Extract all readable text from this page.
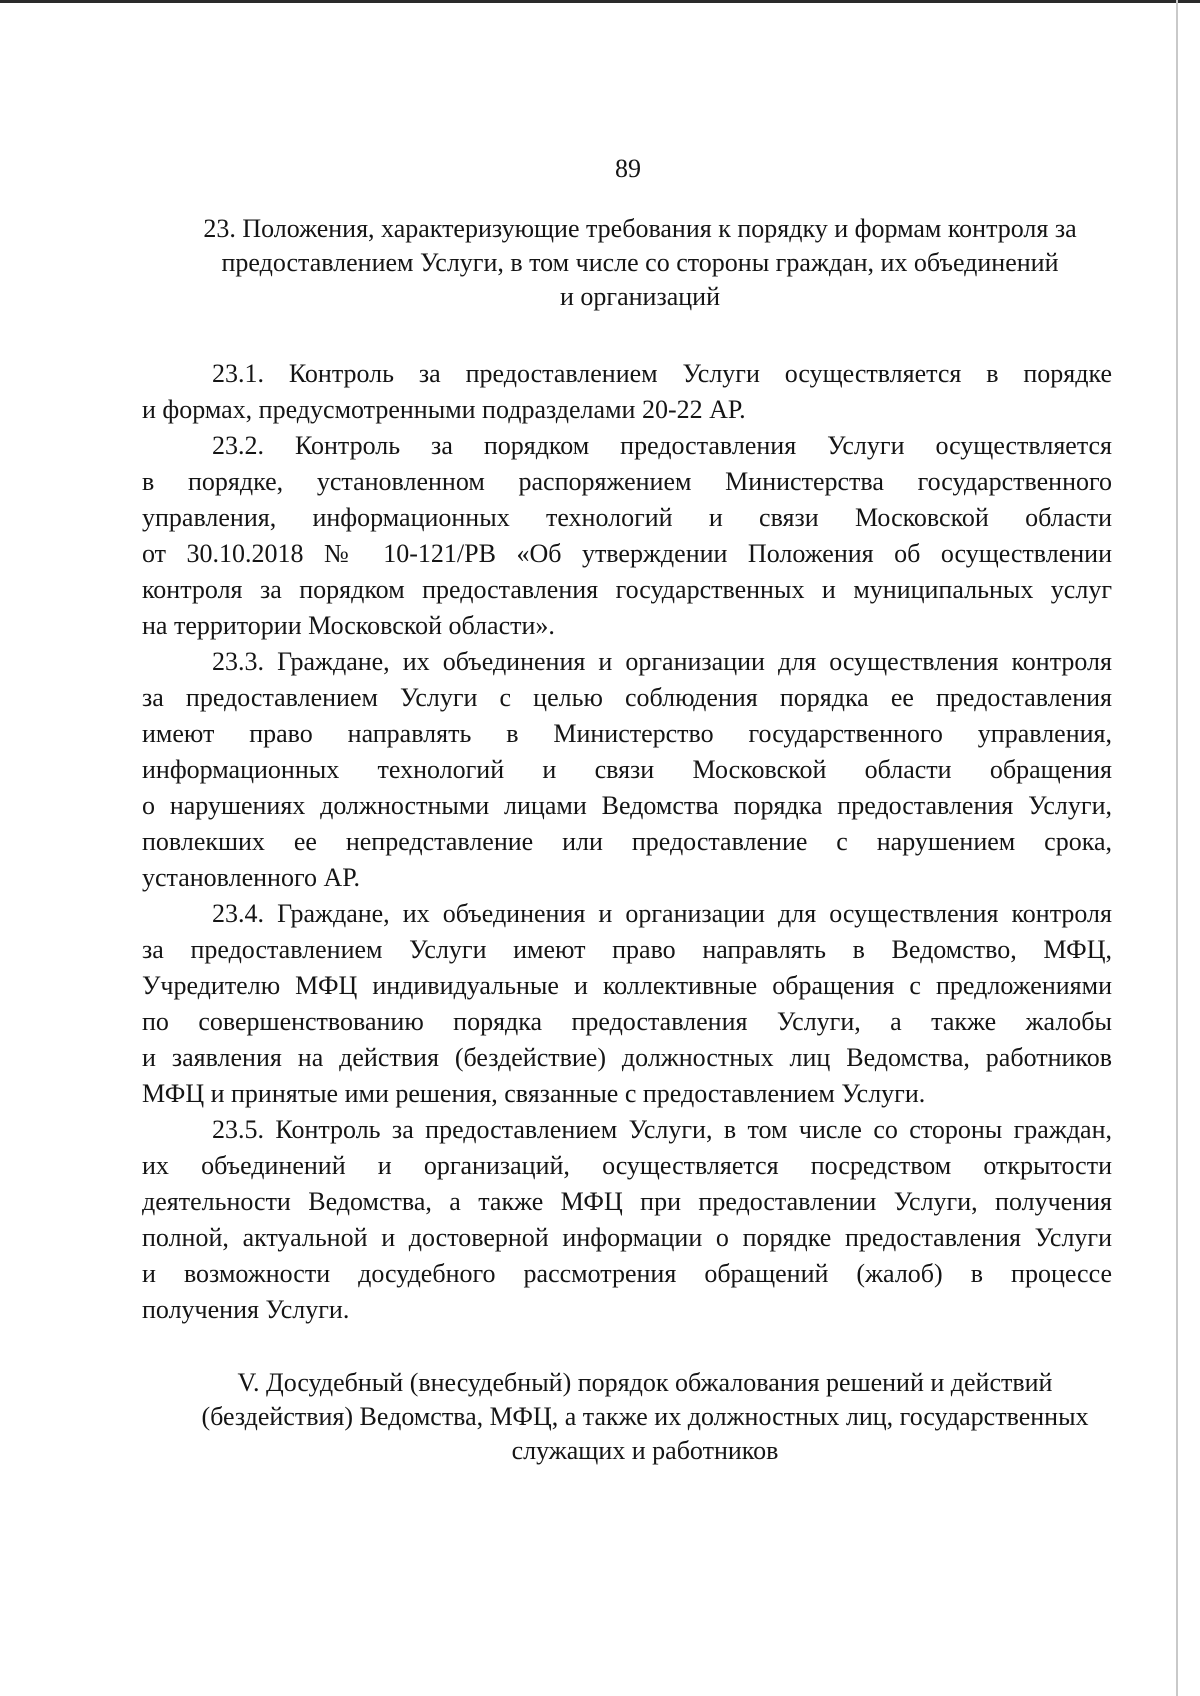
89
23. Положения, характеризующие требования к порядку и формам контроля за
предоставлением Услуги, в том числе со стороны граждан, их объединений
и организаций
23.1. Контроль за предоставлением Услуги осуществляется в порядке
и формах, предусмотренными подразделами 20-22 АР.
23.2. Контроль за порядком предоставления Услуги осуществляется
в порядке, установленном распоряжением Министерства государственного
управления, информационных технологий и связи Московской области
от 30.10.2018 № 10-121/РВ «Об утверждении Положения об осуществлении
контроля за порядком предоставления государственных и муниципальных услуг
на территории Московской области».
23.3. Граждане, их объединения и организации для осуществления контроля
за предоставлением Услуги с целью соблюдения порядка ее предоставления
имеют право направлять в Министерство государственного управления,
информационных технологий и связи Московской области обращения
о нарушениях должностными лицами Ведомства порядка предоставления Услуги,
повлекших ее непредставление или предоставление с нарушением срока,
установленного АР.
23.4. Граждане, их объединения и организации для осуществления контроля
за предоставлением Услуги имеют право направлять в Ведомство, МФЦ,
Учредителю МФЦ индивидуальные и коллективные обращения с предложениями
по совершенствованию порядка предоставления Услуги, а также жалобы
и заявления на действия (бездействие) должностных лиц Ведомства, работников
МФЦ и принятые ими решения, связанные с предоставлением Услуги.
23.5. Контроль за предоставлением Услуги, в том числе со стороны граждан,
их объединений и организаций, осуществляется посредством открытости
деятельности Ведомства, а также МФЦ при предоставлении Услуги, получения
полной, актуальной и достоверной информации о порядке предоставления Услуги
и возможности досудебного рассмотрения обращений (жалоб) в процессе
получения Услуги.
V. Досудебный (внесудебный) порядок обжалования решений и действий
(бездействия) Ведомства, МФЦ, а также их должностных лиц, государственных
служащих и работников
